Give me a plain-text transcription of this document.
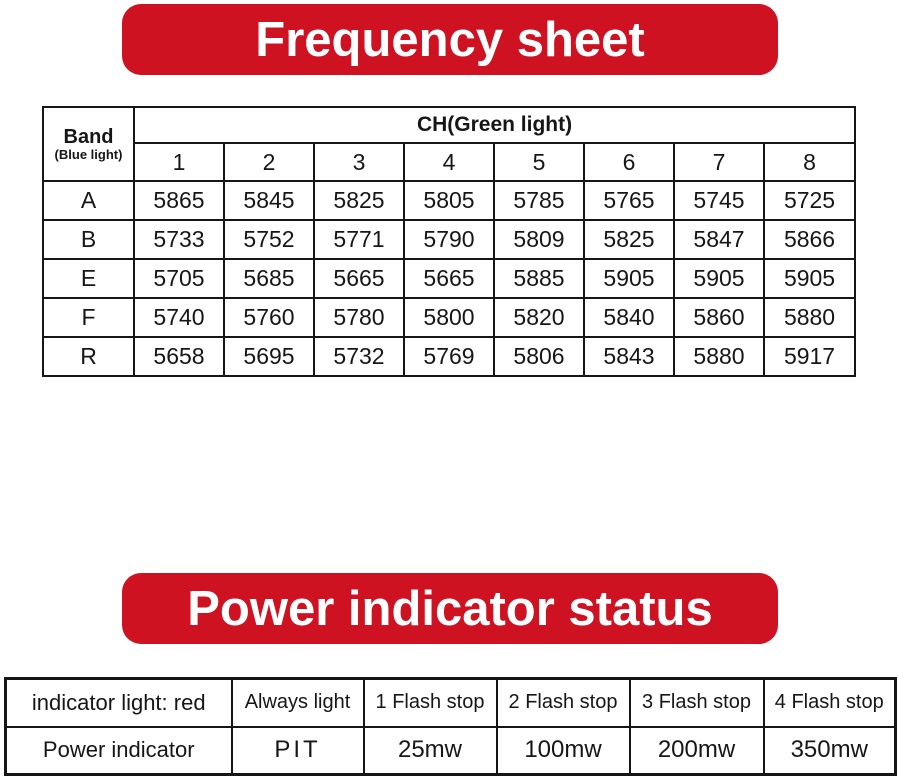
Frequency sheet
Band
(Blue light)	CH(Green light)							
	1	2	3	4	5	6	7	8
A	5865	5845	5825	5805	5785	5765	5745	5725
B	5733	5752	5771	5790	5809	5825	5847	5866
E	5705	5685	5665	5665	5885	5905	5905	5905
F	5740	5760	5780	5800	5820	5840	5860	5880
R	5658	5695	5732	5769	5806	5843	5880	5917
Power indicator status
indicator light: red	Always light	1 Flash stop	2 Flash stop	3 Flash stop	4 Flash stop
Power indicator	PIT	25mw	100mw	200mw	350mw
